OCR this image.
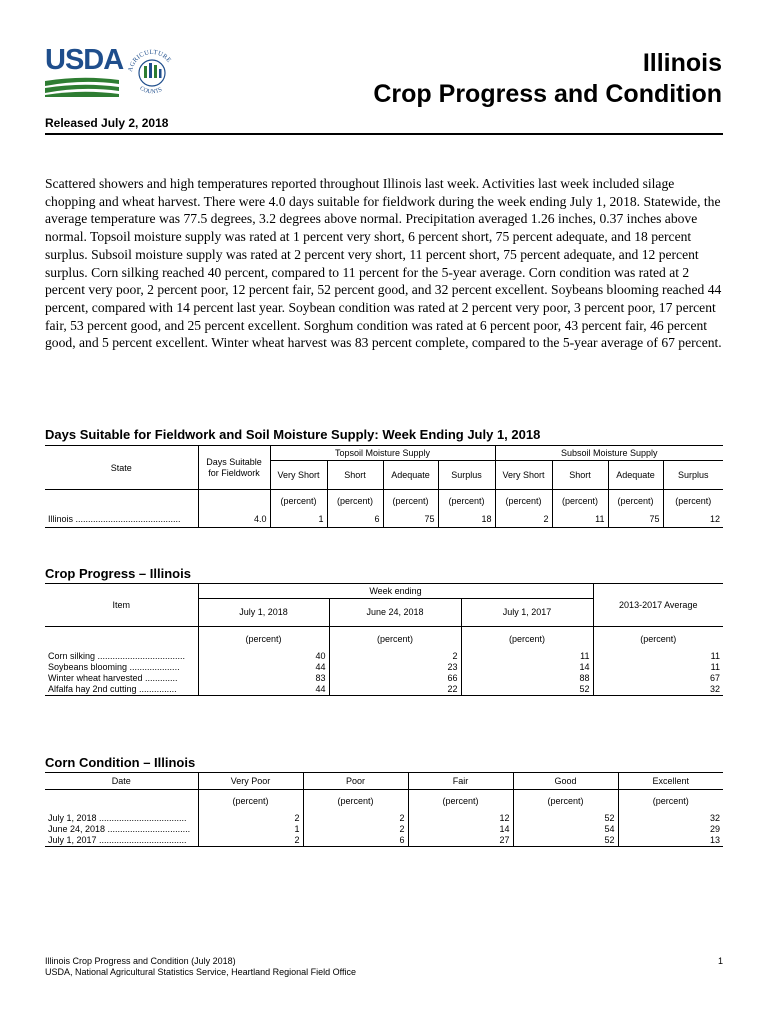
USDA AGRICULTURE
COUNTS
Illinois
Crop Progress and Condition
Released July 2, 2018
Scattered showers and high temperatures reported throughout Illinois last week. Activities last week included silage chopping and wheat harvest. There were 4.0 days suitable for fieldwork during the week ending July 1, 2018. Statewide, the average temperature was 77.5 degrees, 3.2 degrees above normal. Precipitation averaged 1.26 inches, 0.37 inches above normal. Topsoil moisture supply was rated at 1 percent very short, 6 percent short, 75 percent adequate, and 18 percent surplus. Subsoil moisture supply was rated at 2 percent very short, 11 percent short, 75 percent adequate, and 12 percent surplus. Corn silking reached 40 percent, compared to 11 percent for the 5-year average. Corn condition was rated at 2 percent very poor, 2 percent poor, 12 percent fair, 52 percent good, and 32 percent excellent. Soybeans blooming reached 44 percent, compared with 14 percent last year. Soybean condition was rated at 2 percent very poor, 3 percent poor, 17 percent fair, 53 percent good, and 25 percent excellent. Sorghum condition was rated at 6 percent poor, 43 percent fair, 46 percent good, and 5 percent excellent. Winter wheat harvest was 83 percent complete, compared to the 5-year average of 67 percent.
Days Suitable for Fieldwork and Soil Moisture Supply: Week Ending July 1, 2018
State	Days Suitable for Fieldwork	Topsoil Moisture Supply				Subsoil Moisture Supply			
		Very Short	Short	Adequate	Surplus	Very Short	Short	Adequate	Surplus
		(percent)	(percent)	(percent)	(percent)	(percent)	(percent)	(percent)	(percent)
Illinois ..........................................	4.0	1	6	75	18	2	11	75	12
Crop Progress – Illinois
Item	Week ending			2013-2017 Average
	July 1, 2018	June 24, 2018	July 1, 2017	
	(percent)	(percent)	(percent)	(percent)
Corn silking ...................................	40	2	11	11
Soybeans blooming ....................	44	23	14	11
Winter wheat harvested .............	83	66	88	67
Alfalfa hay 2nd cutting ...............	44	22	52	32
Corn Condition – Illinois
Date	Very Poor	Poor	Fair	Good	Excellent
	(percent)	(percent)	(percent)	(percent)	(percent)
July 1, 2018 ...................................	2	2	12	52	32
June 24, 2018 .................................	1	2	14	54	29
July 1, 2017 ...................................	2	6	27	52	13
Illinois Crop Progress and Condition (July 2018)
USDA, National Agricultural Statistics Service, Heartland Regional Field Office
1
